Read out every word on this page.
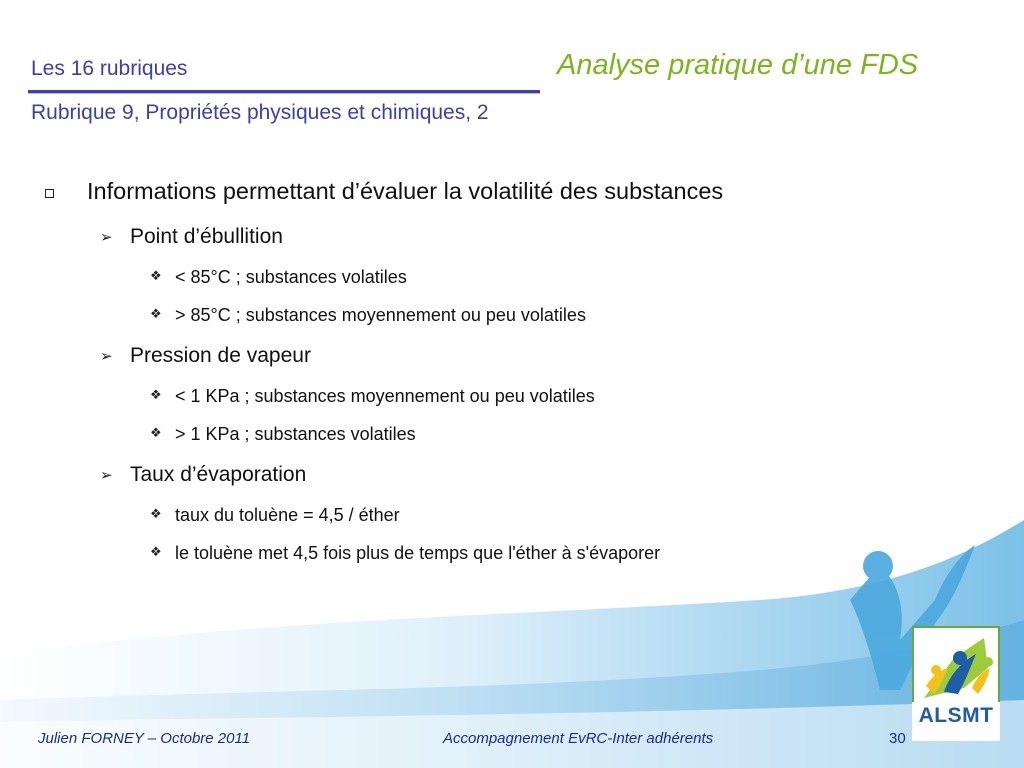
Les 16 rubriques	Analyse pratique d’une FDS
Rubrique 9, Propriétés physiques et chimiques, 2
Informations permettant d’évaluer la volatilité des substances
➢ Point d’ébullition
❖ < 85°C ; substances volatiles
❖ > 85°C ; substances moyennement ou peu volatiles
➢ Pression de vapeur
❖ < 1 KPa ; substances moyennement ou peu volatiles
❖ > 1 KPa ; substances volatiles
➢ Taux d’évaporation
❖ taux du toluène = 4,5 / éther
❖ le toluène met 4,5 fois plus de temps que l'éther à s'évaporer
ALSMT
Julien FORNEY – Octobre 2011	Accompagnement EvRC-Inter adhérents	30
